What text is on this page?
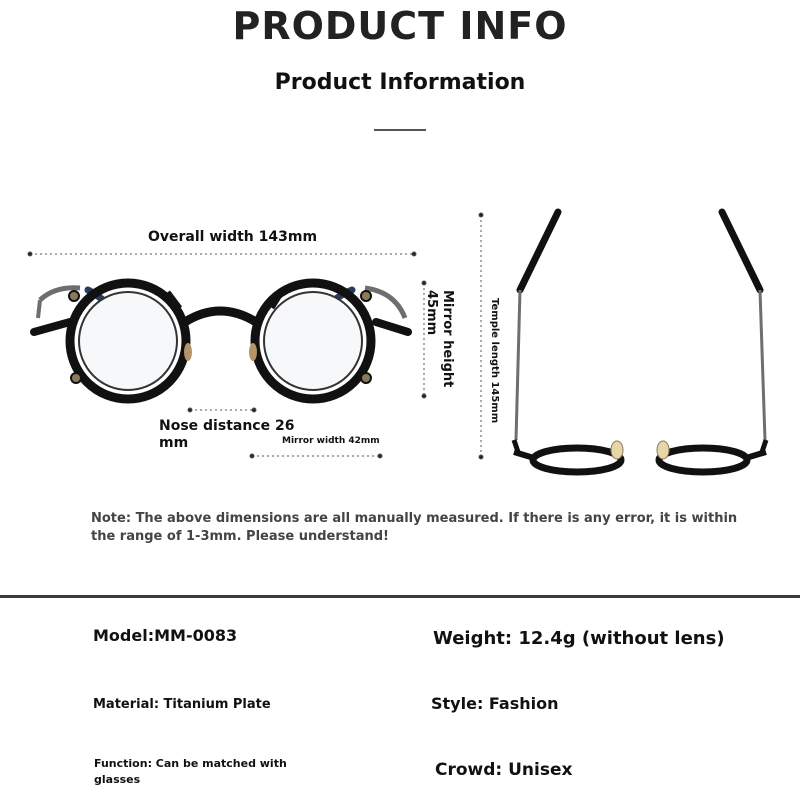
PRODUCT INFO
Product Information
Overall width 143mm
Mirror height
45mm
Nose distance 26
mm	Mirror width 42mm
Temple length 145mm
Note: The above dimensions are all manually measured. If there is any error, it is within the range of 1-3mm. Please understand!
Model:MM-0083	Weight: 12.4g (without lens)
Material: Titanium Plate	Style: Fashion
Function: Can be matched with
glasses	Crowd: Unisex
